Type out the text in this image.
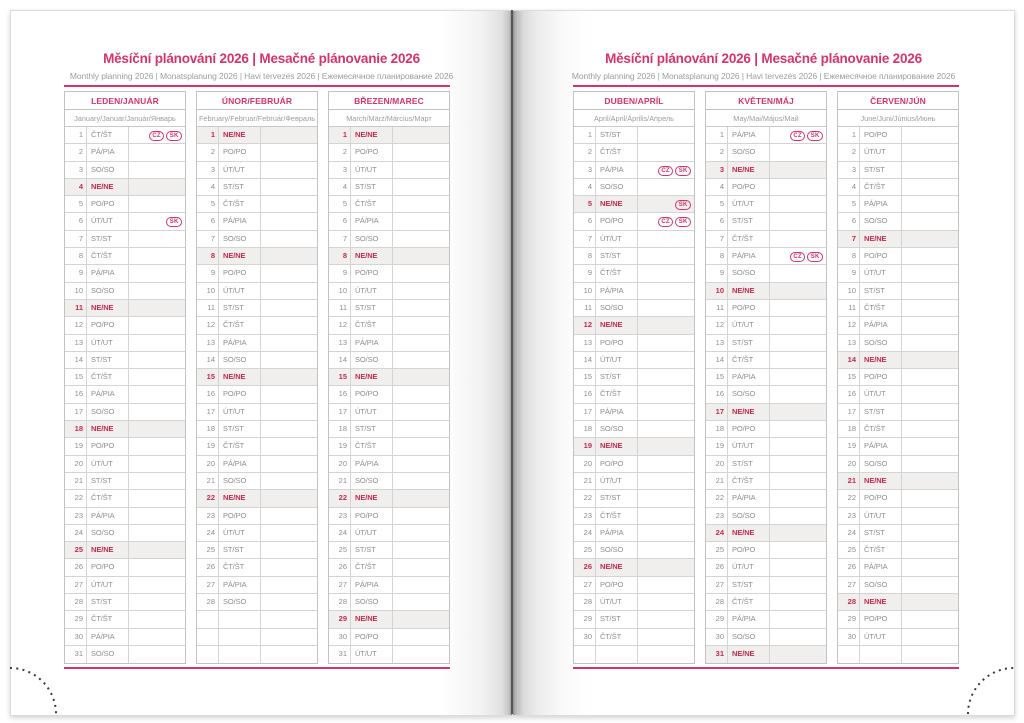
Měsíční plánování 2026 | Mesačné plánovanie 2026
Monthly planning 2026 | Monatsplanung 2026 | Havi tervezés 2026 | Ежемесячное планирование 2026
LEDEN/JANUÁR
January/Januar/Január/Январь
1	ČT/ŠT	CZ	SK
2	PÁ/PIA
3	SO/SO
4	NE/NE
5	PO/PO
6	ÚT/UT	SK
7	ST/ST
8	ČT/ŠT
9	PÁ/PIA
10	SO/SO
11	NE/NE
12	PO/PO
13	ÚT/UT
14	ST/ST
15	ČT/ŠT
16	PÁ/PIA
17	SO/SO
18	NE/NE
19	PO/PO
20	ÚT/UT
21	ST/ST
22	ČT/ŠT
23	PÁ/PIA
24	SO/SO
25	NE/NE
26	PO/PO
27	ÚT/UT
28	ST/ST
29	ČT/ŠT
30	PÁ/PIA
31	SO/SO
ÚNOR/FEBRUÁR
February/Februar/Február/Февраль
1	NE/NE
2	PO/PO
3	ÚT/UT
4	ST/ST
5	ČT/ŠT
6	PÁ/PIA
7	SO/SO
8	NE/NE
9	PO/PO
10	ÚT/UT
11	ST/ST
12	ČT/ŠT
13	PÁ/PIA
14	SO/SO
15	NE/NE
16	PO/PO
17	ÚT/UT
18	ST/ST
19	ČT/ŠT
20	PÁ/PIA
21	SO/SO
22	NE/NE
23	PO/PO
24	ÚT/UT
25	ST/ST
26	ČT/ŠT
27	PÁ/PIA
28	SO/SO
BŘEZEN/MAREC
March/März/Március/Март
1	NE/NE
2	PO/PO
3	ÚT/UT
4	ST/ST
5	ČT/ŠT
6	PÁ/PIA
7	SO/SO
8	NE/NE
9	PO/PO
10	ÚT/UT
11	ST/ST
12	ČT/ŠT
13	PÁ/PIA
14	SO/SO
15	NE/NE
16	PO/PO
17	ÚT/UT
18	ST/ST
19	ČT/ŠT
20	PÁ/PIA
21	SO/SO
22	NE/NE
23	PO/PO
24	ÚT/UT
25	ST/ST
26	ČT/ŠT
27	PÁ/PIA
28	SO/SO
29	NE/NE
30	PO/PO
31	ÚT/UT
Měsíční plánování 2026 | Mesačné plánovanie 2026
Monthly planning 2026 | Monatsplanung 2026 | Havi tervezés 2026 | Ежемесячное планирование 2026
DUBEN/APRÍL
April/April/Április/Апрель
1	ST/ST
2	ČT/ŠT
3	PÁ/PIA	CZ	SK
4	SO/SO
5	NE/NE	SK
6	PO/PO	CZ	SK
7	ÚT/UT
8	ST/ST
9	ČT/ŠT
10	PÁ/PIA
11	SO/SO
12	NE/NE
13	PO/PO
14	ÚT/UT
15	ST/ST
16	ČT/ŠT
17	PÁ/PIA
18	SO/SO
19	NE/NE
20	PO/PO
21	ÚT/UT
22	ST/ST
23	ČT/ŠT
24	PÁ/PIA
25	SO/SO
26	NE/NE
27	PO/PO
28	ÚT/UT
29	ST/ST
30	ČT/ŠT
KVĚTEN/MÁJ
May/Mai/Május/Май
1	PÁ/PIA	CZ	SK
2	SO/SO
3	NE/NE
4	PO/PO
5	ÚT/UT
6	ST/ST
7	ČT/ŠT
8	PÁ/PIA	CZ	SK
9	SO/SO
10	NE/NE
11	PO/PO
12	ÚT/UT
13	ST/ST
14	ČT/ŠT
15	PÁ/PIA
16	SO/SO
17	NE/NE
18	PO/PO
19	ÚT/UT
20	ST/ST
21	ČT/ŠT
22	PÁ/PIA
23	SO/SO
24	NE/NE
25	PO/PO
26	ÚT/UT
27	ST/ST
28	ČT/ŠT
29	PÁ/PIA
30	SO/SO
31	NE/NE
ČERVEN/JÚN
June/Juni/Június/Июнь
1	PO/PO
2	ÚT/UT
3	ST/ST
4	ČT/ŠT
5	PÁ/PIA
6	SO/SO
7	NE/NE
8	PO/PO
9	ÚT/UT
10	ST/ST
11	ČT/ŠT
12	PÁ/PIA
13	SO/SO
14	NE/NE
15	PO/PO
16	ÚT/UT
17	ST/ST
18	ČT/ŠT
19	PÁ/PIA
20	SO/SO
21	NE/NE
22	PO/PO
23	ÚT/UT
24	ST/ST
25	ČT/ŠT
26	PÁ/PIA
27	SO/SO
28	NE/NE
29	PO/PO
30	ÚT/UT
